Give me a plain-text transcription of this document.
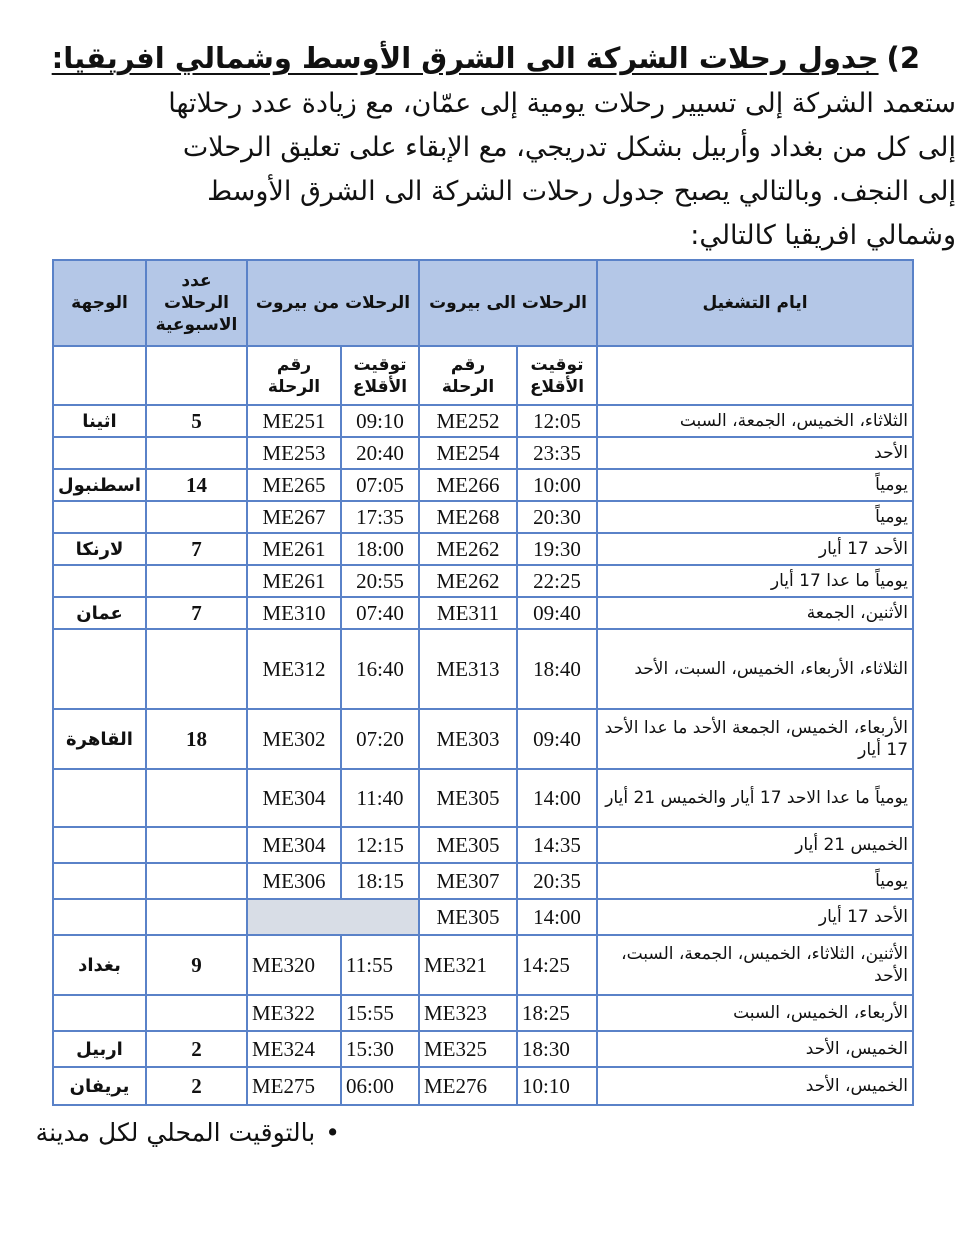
2)جدول رحلات الشركة الى الشرق الأوسط وشمالي افريقيا:
ستعمد الشركة إلى تسيير رحلات يومية إلى عمّان، مع زيادة عدد رحلاتها
إلى كل من بغداد وأربيل بشكل تدريجي، مع الإبقاء على تعليق الرحلات
إلى النجف. وبالتالي يصبح جدول رحلات الشركة الى الشرق الأوسط
وشمالي افريقيا كالتالي:
ايام التشغيل	الرحلات الى بيروت		الرحلات من بيروت		عدد الرحلات الاسبوعية	الوجهة
	توقيت الأقلاع	رقم الرحلة	توقيت الأقلاع	رقم الرحلة		
الثلاثاء، الخميس، الجمعة، السبت	12:05	ME252	09:10	ME251	5	اثينا
الأحد	23:35	ME254	20:40	ME253		
يومياً	10:00	ME266	07:05	ME265	14	اسطنبول
يومياً	20:30	ME268	17:35	ME267		
الأحد 17 أيار	19:30	ME262	18:00	ME261	7	لارنكا
يومياً ما عدا 17 أيار	22:25	ME262	20:55	ME261		
الأثنين، الجمعة	09:40	ME311	07:40	ME310	7	عمان
الثلاثاء، الأربعاء، الخميس، السبت، الأحد	18:40	ME313	16:40	ME312		
الأربعاء، الخميس، الجمعة الأحد ما عدا الأحد 17 أيار	09:40	ME303	07:20	ME302	18	القاهرة
يومياً ما عدا الاحد 17 أيار والخميس 21 أيار	14:00	ME305	11:40	ME304		
الخميس 21 أيار	14:35	ME305	12:15	ME304		
يومياً	20:35	ME307	18:15	ME306		
الأحد 17 أيار	14:00	ME305				
الأثنين، الثلاثاء، الخميس، الجمعة، السبت، الأحد	14:25	ME321	11:55	ME320	9	بغداد
الأربعاء، الخميس، السبت	18:25	ME323	15:55	ME322		
الخميس، الأحد	18:30	ME325	15:30	ME324	2	اربيل
الخميس، الأحد	10:10	ME276	06:00	ME275	2	يريفان
•بالتوقيت المحلي لكل مدينة
